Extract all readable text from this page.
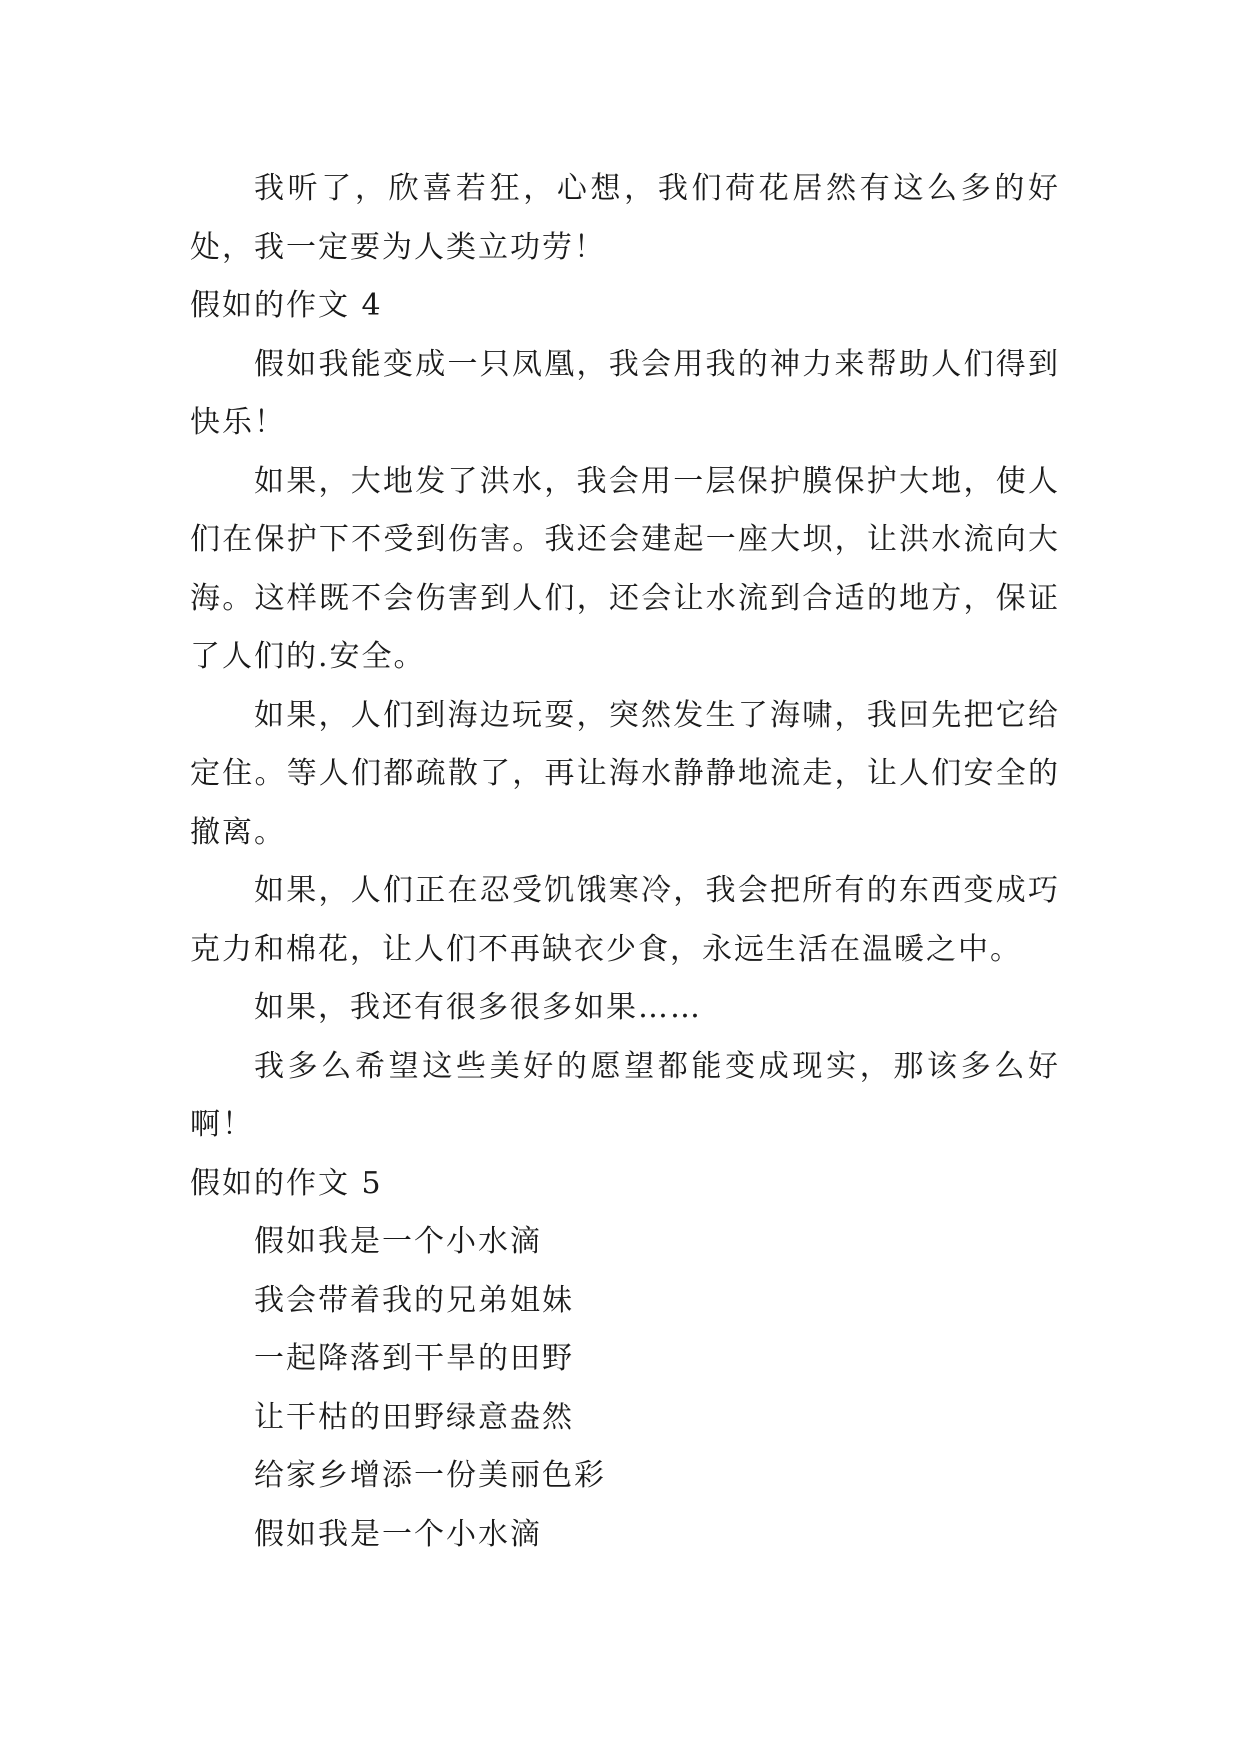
我听了，欣喜若狂，心想，我们荷花居然有这么多的好处，我一定要为人类立功劳！

假如的作文 4

假如我能变成一只凤凰，我会用我的神力来帮助人们得到快乐！

如果，大地发了洪水，我会用一层保护膜保护大地，使人们在保护下不受到伤害。我还会建起一座大坝，让洪水流向大海。这样既不会伤害到人们，还会让水流到合适的地方，保证了人们的.安全。

如果，人们到海边玩耍，突然发生了海啸，我回先把它给定住。等人们都疏散了，再让海水静静地流走，让人们安全的撤离。

如果，人们正在忍受饥饿寒冷，我会把所有的东西变成巧克力和棉花，让人们不再缺衣少食，永远生活在温暖之中。

如果，我还有很多很多如果……

我多么希望这些美好的愿望都能变成现实，那该多么好啊！

假如的作文 5

假如我是一个小水滴

我会带着我的兄弟姐妹

一起降落到干旱的田野

让干枯的田野绿意盎然

给家乡增添一份美丽色彩

假如我是一个小水滴
